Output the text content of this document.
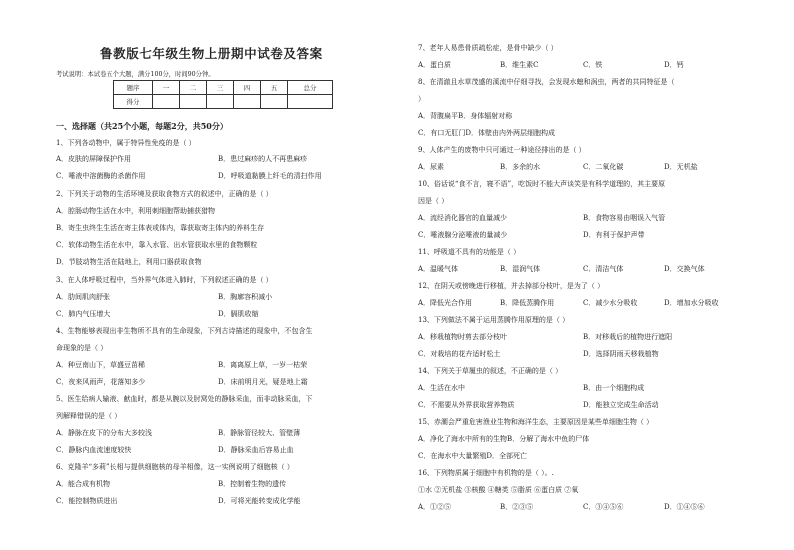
鲁教版七年级生物上册期中试卷及答案
考试说明：本试卷五个大题，满分100分，时间90分钟。
题序	一	二	三	四	五	总分
得分						
一、选择题（共25个小题，每题2分，共50分）
1、下列各动物中，属于特异性免疫的是（ ）
A．皮肤的屏障保护作用	B．患过麻疹的人不再患麻疹
C．唾液中溶菌酶的杀菌作用	D．呼吸道黏膜上纤毛的清扫作用
2、下列关于动物的生活环境及获取食物方式的叙述中，正确的是（ ）
A．腔肠动物生活在水中，利用刺细胞帮助捕获猎物
B．寄生虫终生生活在寄主体表或体内，靠获取寄主体内的养料生存
C．软体动物生活在水中，靠入水管、出水管获取水里的食物颗粒
D．节肢动物生活在陆地上，利用口器获取食物
3、在人体呼吸过程中，当外界气体进入肺时，下列叙述正确的是（ ）
A．肋间肌肉舒张	B．胸廓容积减小
C．肺内气压增大	D．膈肌收缩
4、生物能够表现出非生物所不具有的生命现象，下列古诗描述的现象中，不包含生
命现象的是（ ）
A．种豆南山下，草盛豆苗稀	B．离离原上草，一岁一枯荣
C．夜来风雨声，花落知多少	D．床前明月光，疑是地上霜
5、医生给病人输液、献血时，都是从腕以及肘窝处的静脉采血，而非动脉采血，下
列解释错误的是（ ）
A．静脉在皮下的分布大多较浅	B．静脉管径较大、管壁薄
C．静脉内血流速度较快	D．静脉采血后容易止血
6、克隆羊“多莉”长相与提供细胞核的母羊相像，这一实例说明了细胞核（ ）
A．能合成有机物	B．控制着生物的遗传
C．能控制物质进出	D．可将光能转变成化学能
7、老年人易患骨质疏松症，是骨中缺少（ ）
A．蛋白质	B．维生素C	C．铁	D．钙
8、在清澈且水草茂盛的溪流中仔细寻找，会发现水螅和涡虫，两者的共同特征是（
）
A．背腹扁平B．身体辐射对称
C．有口无肛门D．体壁由内外两层细胞构成
9、人体产生的废物中只可通过一种途径排出的是（ ）
A．尿素	B．多余的水	C．二氧化碳	D．无机盐
10、俗话说“食不言，寝不语”，吃饭时不能大声谈笑是有科学道理的，其主要原
因是（ ）
A．流经消化器官的血量减少	B．食物容易由咽误入气管
C．唾液腺分泌唾液的量减少	D．有利于保护声带
11、呼吸道不具有的功能是（ ）
A．温暖气体	B．湿润气体	C．清洁气体	D．交换气体
12、在阴天或傍晚进行移植，并去掉部分枝叶，是为了（ ）
A．降低光合作用	B．降低蒸腾作用	C．减少水分吸收	D．增加水分吸收
13、下列做法不属于运用蒸腾作用原理的是（ ）
A．移栽植物时剪去部分枝叶	B．对移栽后的植物进行遮阳
C．对栽培的花卉适时松土	D．选择阴雨天移栽植物
14、下列关于草履虫的叙述，不正确的是（ ）
A．生活在水中	B．由一个细胞构成
C．不需要从外界获取营养物质	D．能独立完成生命活动
15、赤潮会严重危害渔业生物和海洋生态，主要原因是某些单细胞生物（ ）
A．净化了海水中所有的生物B．分解了海水中鱼的尸体
C．在海水中大量繁殖D．全部死亡
16、下列物质属于细胞中有机物的是（ ）。.
①水 ②无机盐 ③核酸 ④糖类 ⑤脂质 ⑥蛋白质 ⑦氧
A．①②⑤	B．②③⑤	C．③④⑤⑥	D．①④⑤⑥
